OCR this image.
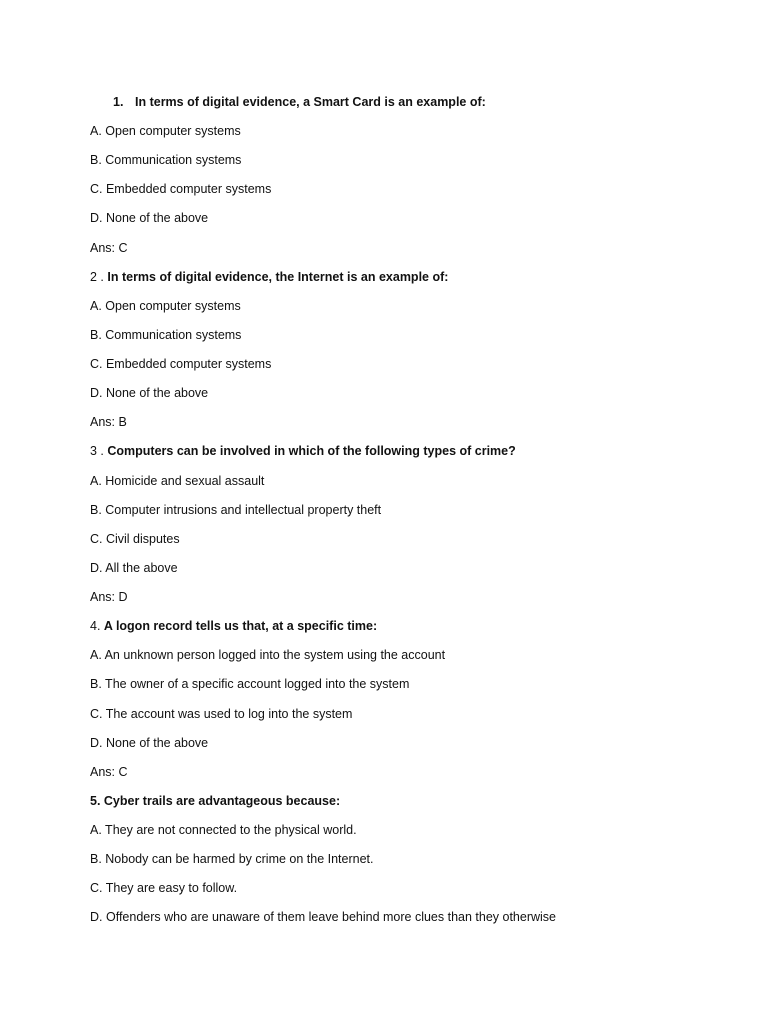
1. In terms of digital evidence, a Smart Card is an example of:
A. Open computer systems
B. Communication systems
C. Embedded computer systems
D. None of the above
Ans: C
2 . In terms of digital evidence, the Internet is an example of:
A. Open computer systems
B. Communication systems
C. Embedded computer systems
D. None of the above
Ans: B
3 . Computers can be involved in which of the following types of crime?
A. Homicide and sexual assault
B. Computer intrusions and intellectual property theft
C. Civil disputes
D. All the above
Ans: D
4. A logon record tells us that, at a specific time:
A. An unknown person logged into the system using the account
B. The owner of a specific account logged into the system
C. The account was used to log into the system
D. None of the above
Ans: C
5. Cyber trails are advantageous because:
A. They are not connected to the physical world.
B. Nobody can be harmed by crime on the Internet.
C. They are easy to follow.
D. Offenders who are unaware of them leave behind more clues than they otherwise
